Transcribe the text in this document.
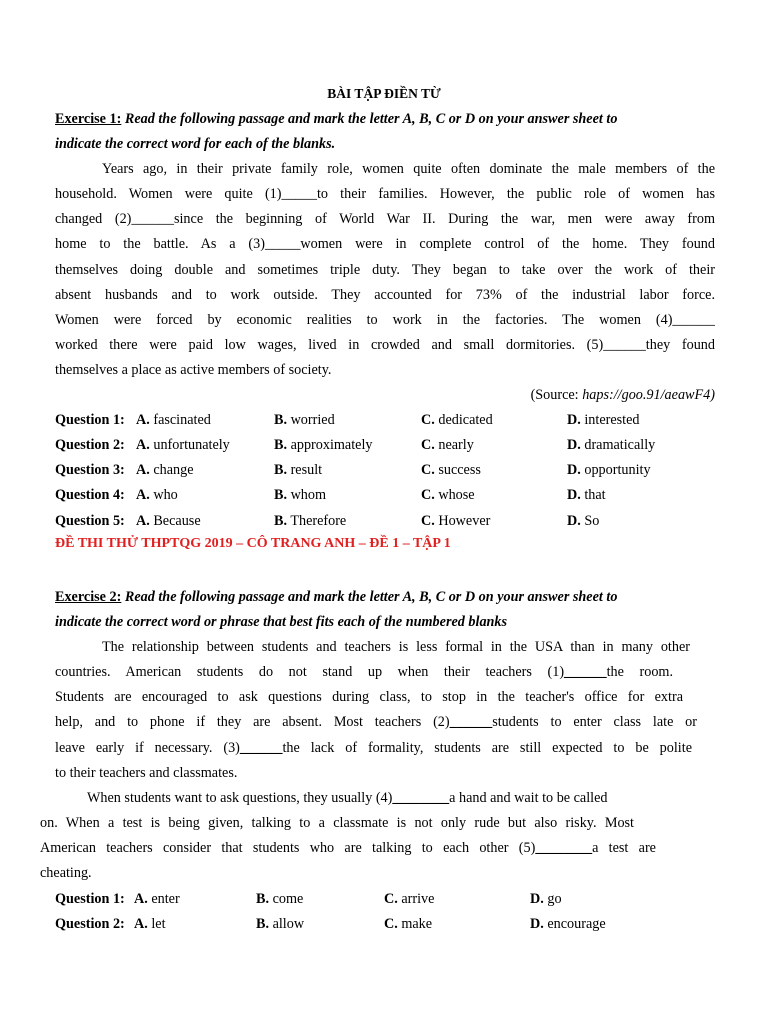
BÀI TẬP ĐIỀN TỪ
Exercise 1: Read the following passage and mark the letter A, B, C or D on your answer sheet to
indicate the correct word for each of the blanks.
Years ago, in their private family role, women quite often dominate the male members of the
household. Women were quite (1)_____to their families. However, the public role of women has
changed (2)______since the beginning of World War II. During the war, men were away from
home to the battle. As a (3)_____women were in complete control of the home. They found
themselves doing double and sometimes triple duty. They began to take over the work of their
absent husbands and to work outside. They accounted for 73% of the industrial labor force.
Women were forced by economic realities to work in the factories. The women (4)______
worked there were paid low wages, lived in crowded and small dormitories. (5)______they found
themselves a place as active members of society.
(Source: haps://goo.91/aeawF4)
Question 1: A. fascinated	B. worried	C. dedicated	D. interested
Question 2: A. unfortunately	B. approximately	C. nearly	D. dramatically
Question 3: A. change	B. result	C. success	D. opportunity
Question 4: A. who	B. whom	C. whose	D. that
Question 5: A. Because	B. Therefore	C. However	D. So
ĐỀ THI THỬ THPTQG 2019 – CÔ TRANG ANH – ĐỀ 1 – TẬP 1
Exercise 2: Read the following passage and mark the letter A, B, C or D on your answer sheet to
indicate the correct word or phrase that best fits each of the numbered blanks
The relationship between students and teachers is less formal in the USA than in many other
countries. American students do not stand up when their teachers (1)______the room.
Students are encouraged to ask questions during class, to stop in the teacher's office for extra
help, and to phone if they are absent. Most teachers (2)______students to enter class late or
leave early if necessary. (3)______the lack of formality, students are still expected to be polite
to their teachers and classmates.
When students want to ask questions, they usually (4)________a hand and wait to be called
on. When a test is being given, talking to a classmate is not only rude but also risky. Most
American teachers consider that students who are talking to each other (5)________a test are
cheating.
Question 1: A. enter	B. come	C. arrive	D. go
Question 2: A. let	B. allow	C. make	D. encourage
